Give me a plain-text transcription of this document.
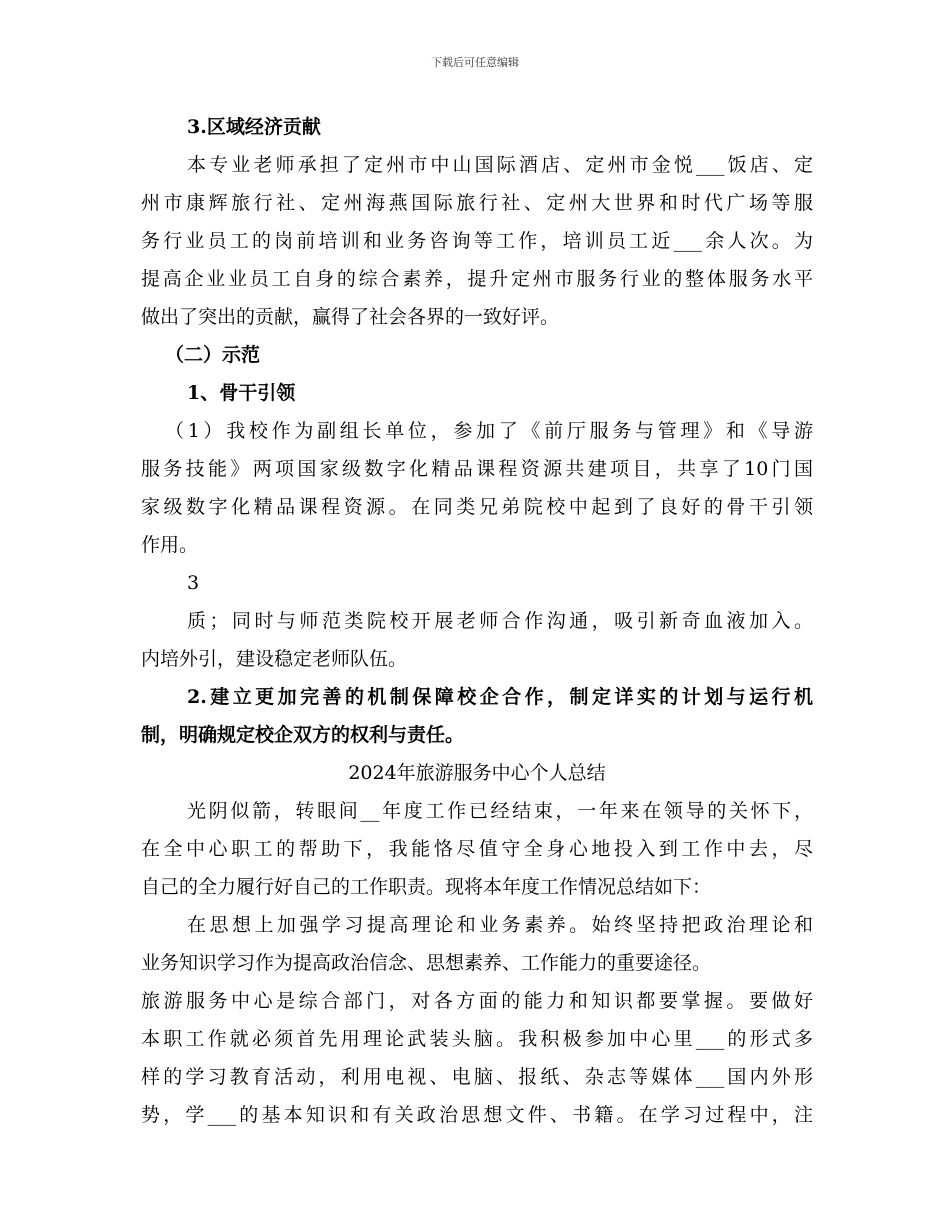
下载后可任意编辑
3.区域经济贡献
本专业老师承担了定州市中山国际酒店、定州市金悦___饭店、定
州市康辉旅行社、定州海燕国际旅行社、定州大世界和时代广场等服
务行业员工的岗前培训和业务咨询等工作，培训员工近___余人次。为
提高企业业员工自身的综合素养，提升定州市服务行业的整体服务水平
做出了突出的贡献，赢得了社会各界的一致好评。
（二）示范
1、骨干引领
（1）我校作为副组长单位，参加了《前厅服务与管理》和《导游
服务技能》两项国家级数字化精品课程资源共建项目，共享了10门国
家级数字化精品课程资源。在同类兄弟院校中起到了良好的骨干引领
作用。
3
质；同时与师范类院校开展老师合作沟通，吸引新奇血液加入。
内培外引，建设稳定老师队伍。
2.建立更加完善的机制保障校企合作，制定详实的计划与运行机
制，明确规定校企双方的权利与责任。
2024年旅游服务中心个人总结
光阴似箭，转眼间__年度工作已经结束，一年来在领导的关怀下，
在全中心职工的帮助下，我能恪尽值守全身心地投入到工作中去，尽
自己的全力履行好自己的工作职责。现将本年度工作情况总结如下：
在思想上加强学习提高理论和业务素养。始终坚持把政治理论和
业务知识学习作为提高政治信念、思想素养、工作能力的重要途径。
旅游服务中心是综合部门，对各方面的能力和知识都要掌握。要做好
本职工作就必须首先用理论武装头脑。我积极参加中心里___的形式多
样的学习教育活动，利用电视、电脑、报纸、杂志等媒体___国内外形
势，学___的基本知识和有关政治思想文件、书籍。在学习过程中，注
